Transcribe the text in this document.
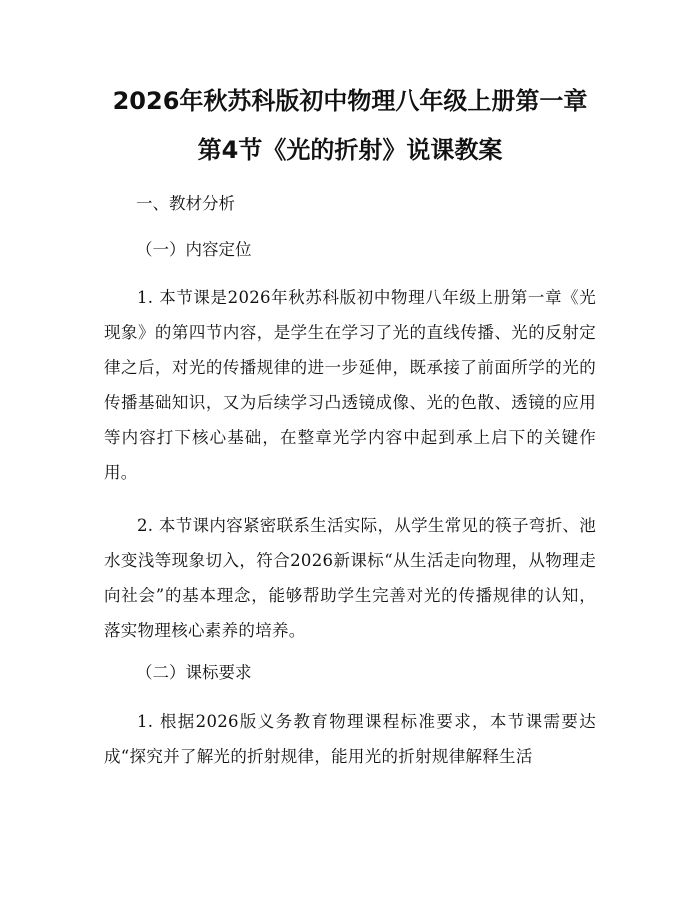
2026年秋苏科版初中物理八年级上册第一章
第4节《光的折射》说课教案

一、教材分析

（一）内容定位

1. 本节课是2026年秋苏科版初中物理八年级上册第一章《光现象》的第四节内容，是学生在学习了光的直线传播、光的反射定律之后，对光的传播规律的进一步延伸，既承接了前面所学的光的传播基础知识，又为后续学习凸透镜成像、光的色散、透镜的应用等内容打下核心基础，在整章光学内容中起到承上启下的关键作用。

2. 本节课内容紧密联系生活实际，从学生常见的筷子弯折、池水变浅等现象切入，符合2026新课标“从生活走向物理，从物理走向社会”的基本理念，能够帮助学生完善对光的传播规律的认知，落实物理核心素养的培养。

（二）课标要求

1. 根据2026版义务教育物理课程标准要求，本节课需要达成“探究并了解光的折射规律，能用光的折射规律解释生活
